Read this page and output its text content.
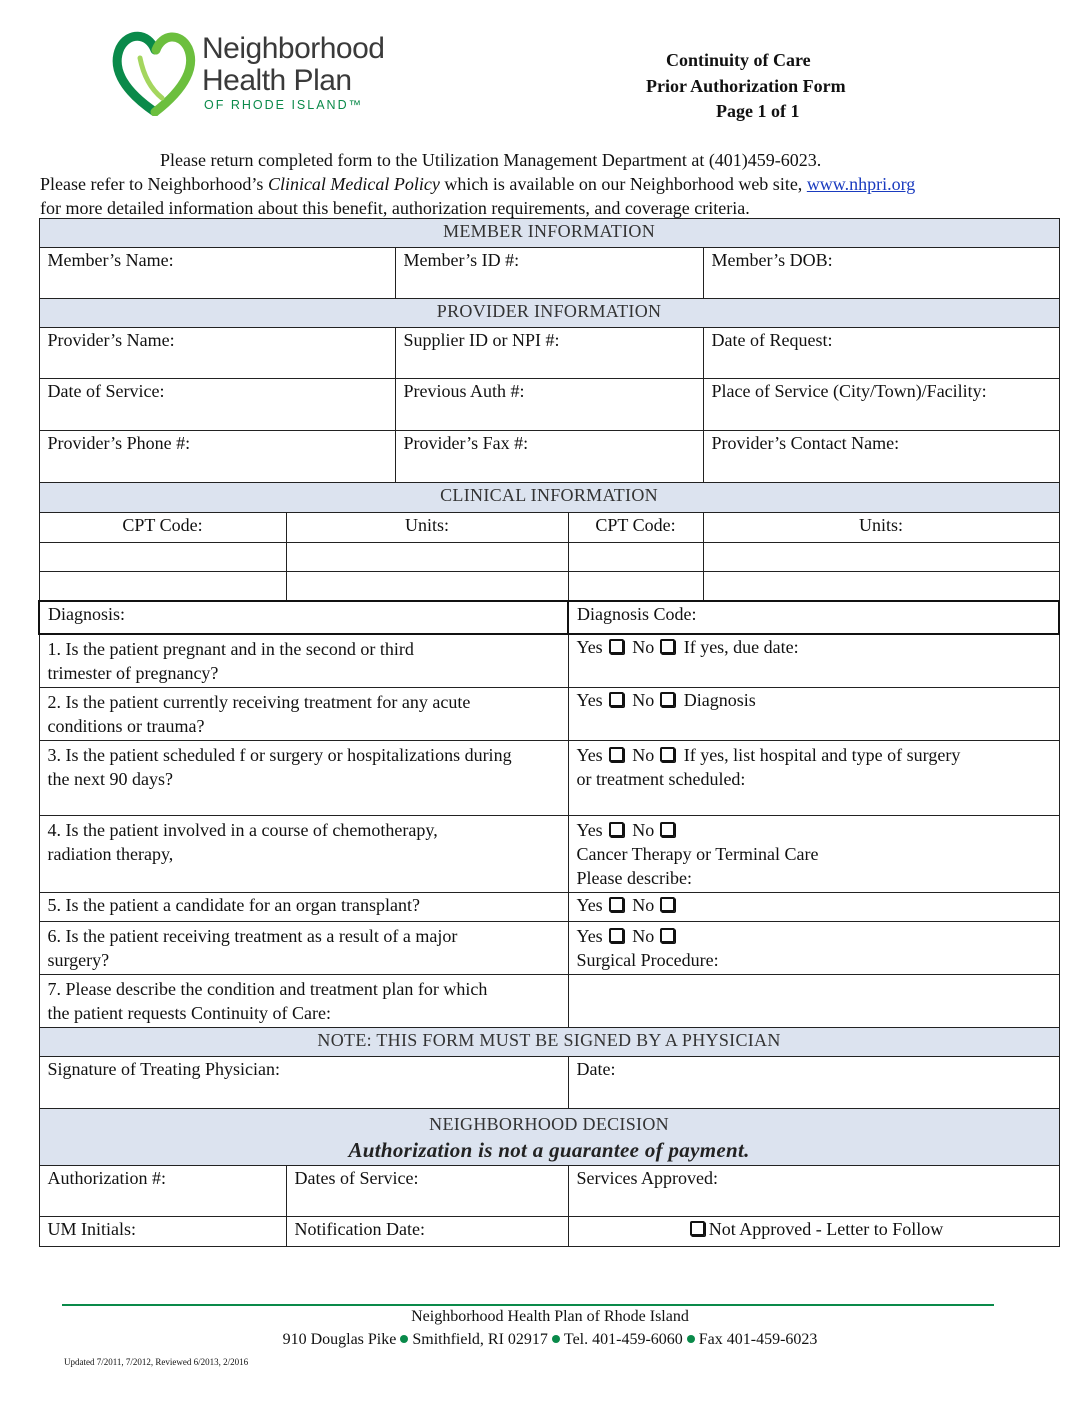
Neighborhood
Health Plan
OF RHODE ISLAND™
Continuity of Care
Prior Authorization Form
Page 1 of 1
Please return completed form to the Utilization Management Department at (401)459-6023.
Please refer to Neighborhood’s Clinical Medical Policy which is available on our Neighborhood web site, www.nhpri.org
for more detailed information about this benefit, authorization requirements, and coverage criteria.
MEMBER INFORMATION				
Member’s Name:		Member’s ID #:		Member’s DOB:
PROVIDER INFORMATION				
Provider’s Name:		Supplier ID or NPI #:		Date of Request:
Date of Service:		Previous Auth #:		Place of Service (City/Town)/Facility:
Provider’s Phone #:		Provider’s Fax #:		Provider’s Contact Name:
CLINICAL INFORMATION				
CPT Code:	Units:		CPT Code:	Units:

Diagnosis:			Diagnosis Code:	
1. Is the patient pregnant and in the second or third trimester of pregnancy?			Yes No If yes, due date:	
2. Is the patient currently receiving treatment for any acute conditions or trauma?			Yes No Diagnosis	
3. Is the patient scheduled f or surgery or hospitalizations during the next 90 days?			Yes No If yes, list hospital and type of surgery
or treatment scheduled:	
4. Is the patient involved in a course of chemotherapy, radiation therapy,			Yes No
Cancer Therapy or Terminal Care
Please describe:	
5. Is the patient a candidate for an organ transplant?			Yes No	
6. Is the patient receiving treatment as a result of a major surgery?			Yes No
Surgical Procedure:	
7. Please describe the condition and treatment plan for which the patient requests Continuity of Care:				
NOTE: THIS FORM MUST BE SIGNED BY A PHYSICIAN				
Signature of Treating Physician:			Date:	

NEIGHBORHOOD DECISION
Authorization is not a guarantee of payment.				

Authorization #:	Dates of Service:		Services Approved:	
UM Initials:	Notification Date:		Not Approved - Letter to Follow	
Neighborhood Health Plan of Rhode Island
910 Douglas Pike Smithfield, RI 02917 Tel. 401-459-6060 Fax 401-459-6023
Updated 7/2011, 7/2012, Reviewed 6/2013, 2/2016
